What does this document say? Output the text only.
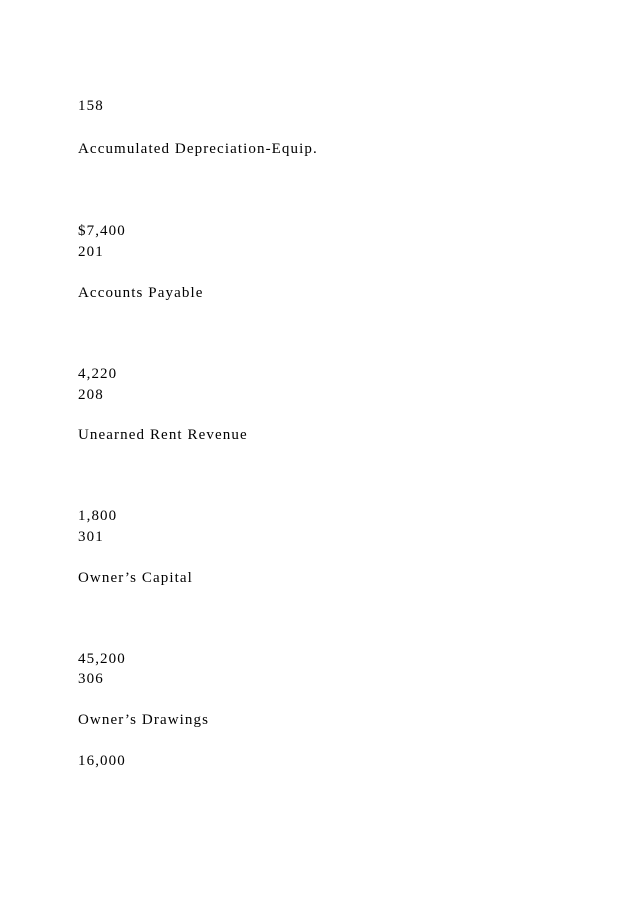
158
Accumulated Depreciation-Equip.
$7,400
201
Accounts Payable
4,220
208
Unearned Rent Revenue
1,800
301
Owner’s Capital
45,200
306
Owner’s Drawings
16,000
